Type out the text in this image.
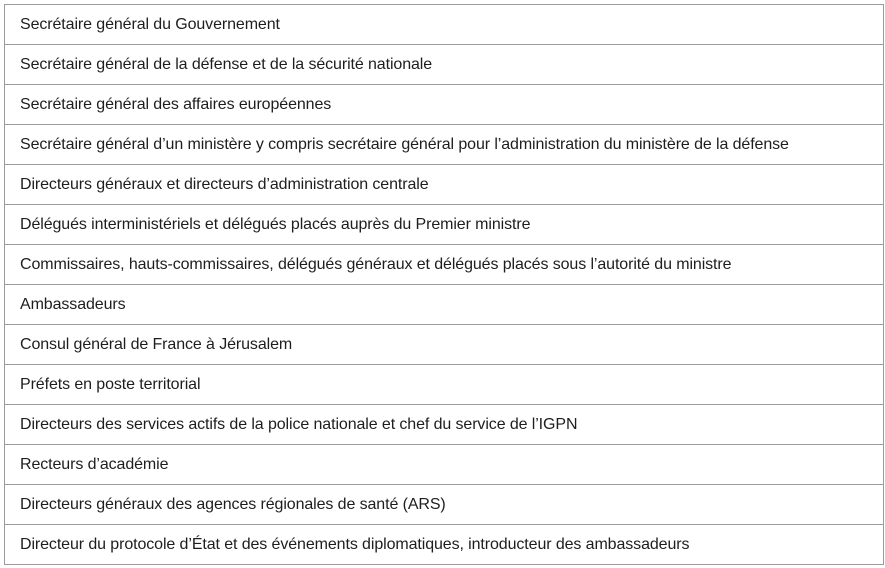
Secrétaire général du Gouvernement
Secrétaire général de la défense et de la sécurité nationale
Secrétaire général des affaires européennes
Secrétaire général d’un ministère y compris secrétaire général pour l’administration du ministère de la défense
Directeurs généraux et directeurs d’administration centrale
Délégués interministériels et délégués placés auprès du Premier ministre
Commissaires, hauts-commissaires, délégués généraux et délégués placés sous l’autorité du ministre
Ambassadeurs
Consul général de France à Jérusalem
Préfets en poste territorial
Directeurs des services actifs de la police nationale et chef du service de l’IGPN
Recteurs d’académie
Directeurs généraux des agences régionales de santé (ARS)
Directeur du protocole d’État et des événements diplomatiques, introducteur des ambassadeurs
